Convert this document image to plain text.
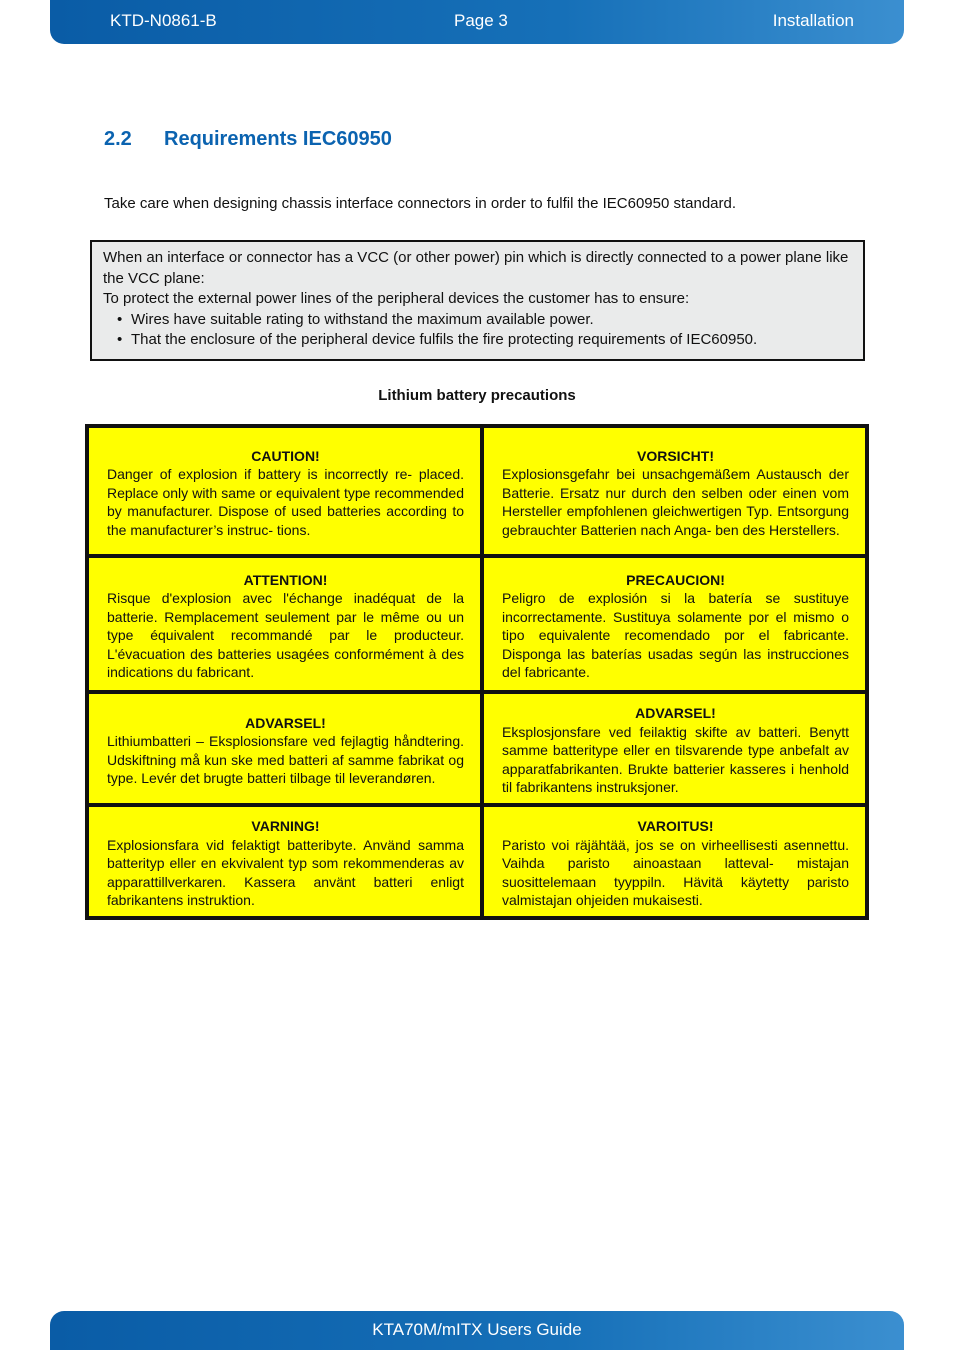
KTD-N0861-B	Page 3	Installation
2.2 Requirements IEC60950
Take care when designing chassis interface connectors in order to fulfil the IEC60950 standard.

When an interface or connector has a VCC (or other power) pin which is directly connected to a power plane like the VCC plane:

To protect the external power lines of the peripheral devices the customer has to ensure:

• Wires have suitable rating to withstand the maximum available power.
• That the enclosure of the peripheral device fulfils the fire protecting requirements of IEC60950.
Lithium battery precautions
CAUTION!
Danger of explosion if battery is incorrectly re- placed. Replace only with same or equivalent type recommended by manufacturer. Dispose of used batteries according to the manufacturer’s instruc- tions.
VORSICHT!
Explosionsgefahr bei unsachgemäßem Austausch der Batterie. Ersatz nur durch den selben oder einen vom Hersteller empfohlenen gleichwertigen Typ. Entsorgung gebrauchter Batterien nach Anga- ben des Herstellers.
ATTENTION!
Risque d'explosion avec l'échange inadéquat de la batterie. Remplacement seulement par le même ou un type équivalent recommandé par le producteur. L'évacuation des batteries usagées conformément à des indications du fabricant.
PRECAUCION!
Peligro de explosión si la batería se sustituye incorrectamente. Sustituya solamente por el mismo o tipo equivalente recomendado por el fabricante. Disponga las baterías usadas según las instrucciones del fabricante.
ADVARSEL!
Lithiumbatteri – Eksplosionsfare ved fejlagtig håndtering. Udskiftning må kun ske med batteri af samme fabrikat og type. Levér det brugte batteri tilbage til leverandøren.
ADVARSEL!
Eksplosjonsfare ved feilaktig skifte av batteri. Benytt samme batteritype eller en tilsvarende type anbefalt av apparatfabrikanten. Brukte batterier kasseres i henhold til fabrikantens instruksjoner.
VARNING!
Explosionsfara vid felaktigt batteribyte. Använd samma batterityp eller en ekvivalent typ som rekommenderas av apparattillverkaren. Kassera använt batteri enligt fabrikantens instruktion.
VAROITUS!
Paristo voi räjähtää, jos se on virheellisesti asennettu. Vaihda paristo ainoastaan latteval- mistajan suosittelemaan tyyppiln. Hävitä käytetty paristo valmistajan ohjeiden mukaisesti.
KTA70M/mITX Users Guide
